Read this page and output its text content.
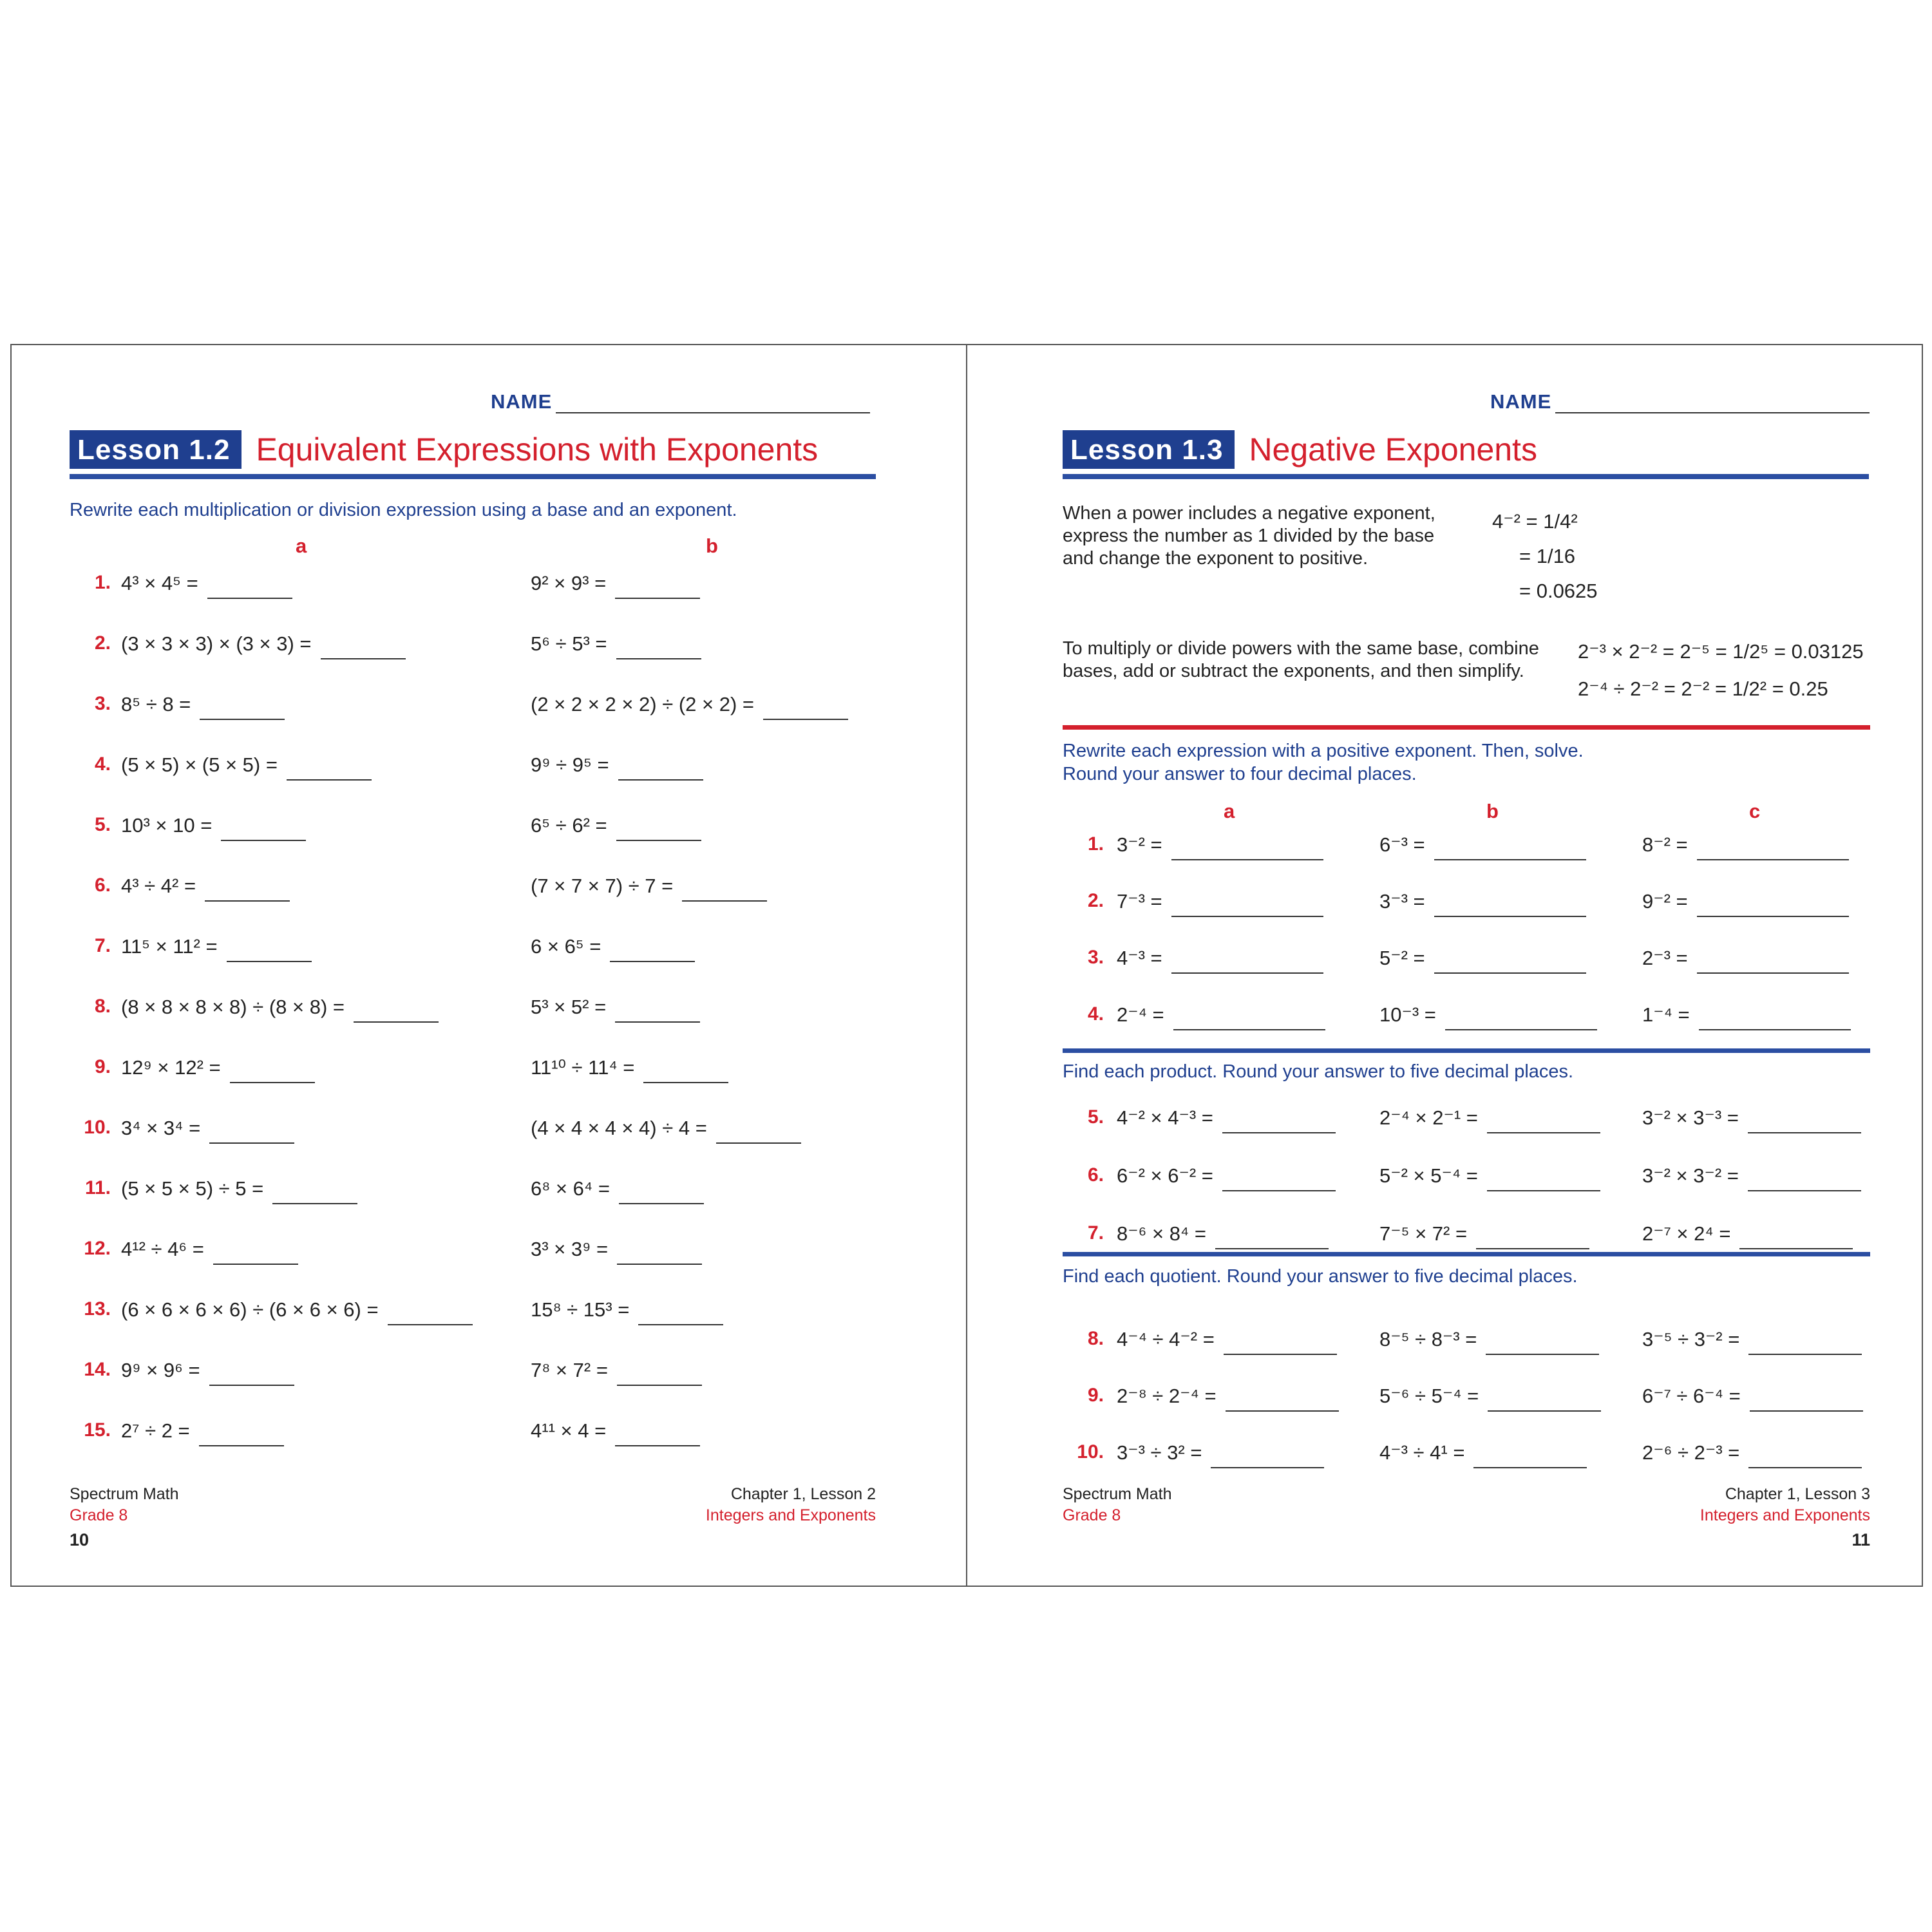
NAME
Lesson 1.2 Equivalent Expressions with Exponents
Rewrite each multiplication or division expression using a base and an exponent.
a	b
Spectrum Math
Grade 8
Chapter 1, Lesson 2
Integers and Exponents
10
1. 4³ × 4⁵ =	9² × 9³ =
2. (3 × 3 × 3) × (3 × 3) =	5⁶ ÷ 5³ =
3. 8⁵ ÷ 8 =	(2 × 2 × 2 × 2) ÷ (2 × 2) =
4. (5 × 5) × (5 × 5) =	9⁹ ÷ 9⁵ =
5. 10³ × 10 =	6⁵ ÷ 6² =
6. 4³ ÷ 4² =	(7 × 7 × 7) ÷ 7 =
7. 11⁵ × 11² =	6 × 6⁵ =
8. (8 × 8 × 8 × 8) ÷ (8 × 8) =	5³ × 5² =
9. 12⁹ × 12² =	11¹⁰ ÷ 11⁴ =
10. 3⁴ × 3⁴ =	(4 × 4 × 4 × 4) ÷ 4 =
11. (5 × 5 × 5) ÷ 5 =	6⁸ × 6⁴ =
12. 4¹² ÷ 4⁶ =	3³ × 3⁹ =
13. (6 × 6 × 6 × 6) ÷ (6 × 6 × 6) =	15⁸ ÷ 15³ =
14. 9⁹ × 9⁶ =	7⁸ × 7² =
15. 2⁷ ÷ 2 =	4¹¹ × 4 =
NAME
Lesson 1.3 Negative Exponents
When a power includes a negative exponent, express the number as 1 divided by the base and change the exponent to positive.
4⁻² = 1/4²
= 1/16
= 0.0625
To multiply or divide powers with the same base, combine bases, add or subtract the exponents, and then simplify.
2⁻³ × 2⁻² = 2⁻⁵ = 1/2⁵ = 0.03125
2⁻⁴ ÷ 2⁻² = 2⁻² = 1/2² = 0.25
Rewrite each expression with a positive exponent. Then, solve.
Round your answer to four decimal places.
a	b	c
1. 3⁻² =	6⁻³ =	8⁻² =
2. 7⁻³ =	3⁻³ =	9⁻² =
3. 4⁻³ =	5⁻² =	2⁻³ =
4. 2⁻⁴ =	10⁻³ =	1⁻⁴ =
Find each product. Round your answer to five decimal places.
5. 4⁻² × 4⁻³ =	2⁻⁴ × 2⁻¹ =	3⁻² × 3⁻³ =
6. 6⁻² × 6⁻² =	5⁻² × 5⁻⁴ =	3⁻² × 3⁻² =
7. 8⁻⁶ × 8⁴ =	7⁻⁵ × 7² =	2⁻⁷ × 2⁴ =
Find each quotient. Round your answer to five decimal places.
8. 4⁻⁴ ÷ 4⁻² =	8⁻⁵ ÷ 8⁻³ =	3⁻⁵ ÷ 3⁻² =
9. 2⁻⁸ ÷ 2⁻⁴ =	5⁻⁶ ÷ 5⁻⁴ =	6⁻⁷ ÷ 6⁻⁴ =
10. 3⁻³ ÷ 3² =	4⁻³ ÷ 4¹ =	2⁻⁶ ÷ 2⁻³ =
Spectrum Math
Grade 8
Chapter 1, Lesson 3
Integers and Exponents
11
